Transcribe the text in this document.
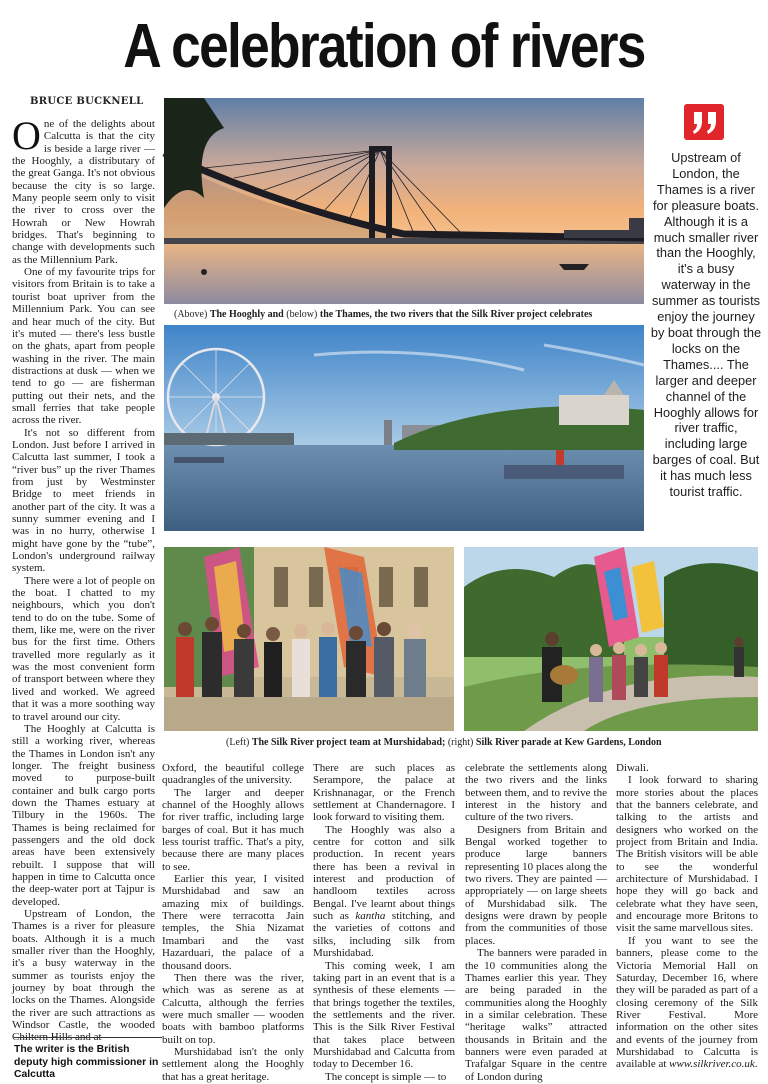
A celebration of rivers
BRUCE BUCKNELL

One of the delights about Calcutta is that the city is beside a large river — the Hooghly, a distributary of the great Ganga. It's not obvious because the city is so large. Many people seem only to visit the river to cross over the Howrah or New Howrah bridges. That's beginning to change with developments such as the Millennium Park.

One of my favourite trips for visitors from Britain is to take a tourist boat upriver from the Millennium Park. You can see and hear much of the city. But it's muted — there's less bustle on the ghats, apart from people washing in the river. The main distractions at dusk — when we tend to go — are fisherman putting out their nets, and the small ferries that take people across the river.

It's not so different from London. Just before I arrived in Calcutta last summer, I took a “river bus” up the river Thames from just by Westminster Bridge to meet friends in another part of the city. It was a sunny summer evening and I was in no hurry, otherwise I might have gone by the “tube”, London's underground railway system.

There were a lot of people on the boat. I chatted to my neighbours, which you don't tend to do on the tube. Some of them, like me, were on the river bus for the first time. Others travelled more regularly as it was the most convenient form of transport between where they lived and worked. We agreed that it was a more soothing way to travel around our city.

The Hooghly at Calcutta is still a working river, whereas the Thames in London isn't any longer. The freight business moved to purpose-built container and bulk cargo ports down the Thames estuary at Tilbury in the 1960s. The Thames is being reclaimed for passengers and the old dock areas have been extensively rebuilt. I suppose that will happen in time to Calcutta once the deep-water port at Tajpur is developed.

Upstream of London, the Thames is a river for pleasure boats. Although it is a much smaller river than the Hooghly, it's a busy waterway in the summer as tourists enjoy the journey by boat through the locks on the Thames. Alongside the river are such attractions as Windsor Castle, the wooded Chiltern Hills and at

(Above) The Hooghly and (below) the Thames, the two rivers that the Silk River project celebrates
(Left) The Silk River project team at Murshidabad; (right) Silk River parade at Kew Gardens, London
Upstream of London, the Thames is a river for pleasure boats. Although it is a much smaller river than the Hooghly, it's a busy waterway in the summer as tourists enjoy the journey by boat through the locks on the Thames.... The larger and deeper channel of the Hooghly allows for river traffic, including large barges of coal. But it has much less tourist traffic.

Oxford, the beautiful college quadrangles of the university.

The larger and deeper channel of the Hooghly allows for river traffic, including large barges of coal. But it has much less tourist traffic. That's a pity, because there are many places to see.

Earlier this year, I visited Murshidabad and saw an amazing mix of buildings. There were terracotta Jain temples, the Shia Nizamat Imambari and the vast Hazarduari, the palace of a thousand doors.

Then there was the river, which was as serene as at Calcutta, although the ferries were much smaller — wooden boats with bamboo platforms built on top.

Murshidabad isn't the only settlement along the Hooghly that has a great heritage.

There are such places as Serampore, the palace at Krishnanagar, or the French settlement at Chandernagore. I look forward to visiting them.

The Hooghly was also a centre for cotton and silk production. In recent years there has been a revival in interest and production of handloom textiles across Bengal. I've learnt about things such as kantha stitching, and the varieties of cottons and silks, including silk from Murshidabad.

This coming week, I am taking part in an event that is a synthesis of these elements — that brings together the textiles, the settlements and the river. This is the Silk River Festival that takes place between Murshidabad and Calcutta from today to December 16.

The concept is simple — to

celebrate the settlements along the two rivers and the links between them, and to revive the interest in the history and culture of the two rivers.

Designers from Britain and Bengal worked together to produce large banners representing 10 places along the two rivers. They are painted — appropriately — on large sheets of Murshidabad silk. The designs were drawn by people from the communities of those places.

The banners were paraded in the 10 communities along the Thames earlier this year. They are being paraded in the communities along the Hooghly in a similar celebration. These “heritage walks” attracted thousands in Britain and the banners were even paraded at Trafalgar Square in the centre of London during

Diwali.

I look forward to sharing more stories about the places that the banners celebrate, and talking to the artists and designers who worked on the project from Britain and India. The British visitors will be able to see the wonderful architecture of Murshidabad. I hope they will go back and celebrate what they have seen, and encourage more Britons to visit the same marvellous sites.

If you want to see the banners, please come to the Victoria Memorial Hall on Saturday, December 16, where they will be paraded as part of a closing ceremony of the Silk River Festival. More information on the other sites and events of the journey from Murshidabad to Calcutta is available at www.silkriver.co.uk.

The writer is the British deputy high commissioner in Calcutta
